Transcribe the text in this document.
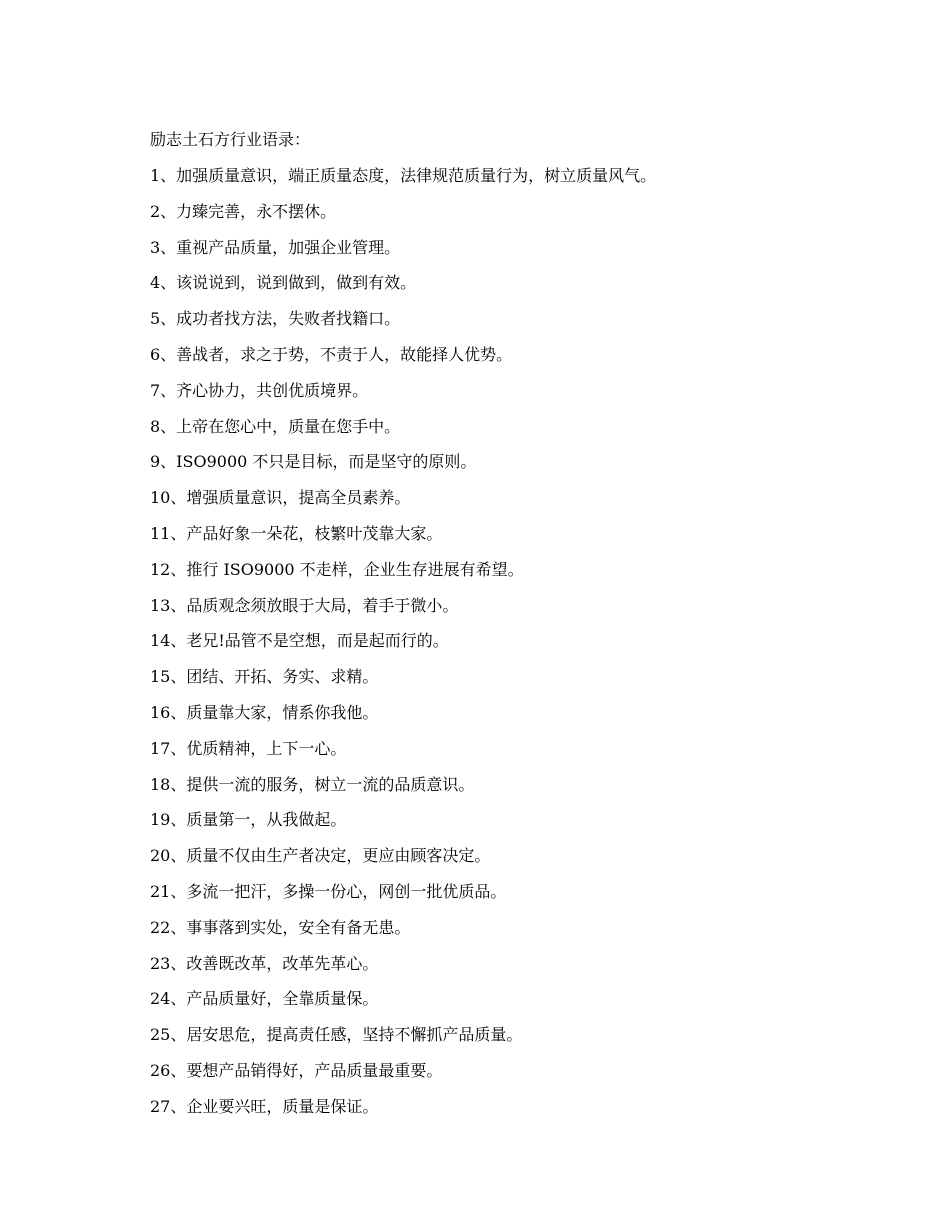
励志土石方行业语录：
1、加强质量意识，端正质量态度，法律规范质量行为，树立质量风气。
2、力臻完善，永不摆休。
3、重视产品质量，加强企业管理。
4、该说说到，说到做到，做到有效。
5、成功者找方法，失败者找籍口。
6、善战者，求之于势，不责于人，故能择人优势。
7、齐心协力，共创优质境界。
8、上帝在您心中，质量在您手中。
9、ISO9000 不只是目标，而是坚守的原则。
10、增强质量意识，提高全员素养。
11、产品好象一朵花，枝繁叶茂靠大家。
12、推行 ISO9000 不走样，企业生存进展有希望。
13、品质观念须放眼于大局，着手于微小。
14、老兄!品管不是空想，而是起而行的。
15、团结、开拓、务实、求精。
16、质量靠大家，情系你我他。
17、优质精神，上下一心。
18、提供一流的服务，树立一流的品质意识。
19、质量第一，从我做起。
20、质量不仅由生产者决定，更应由顾客决定。
21、多流一把汗，多操一份心，网创一批优质品。
22、事事落到实处，安全有备无患。
23、改善既改革，改革先革心。
24、产品质量好，全靠质量保。
25、居安思危，提高责任感，坚持不懈抓产品质量。
26、要想产品销得好，产品质量最重要。
27、企业要兴旺，质量是保证。
